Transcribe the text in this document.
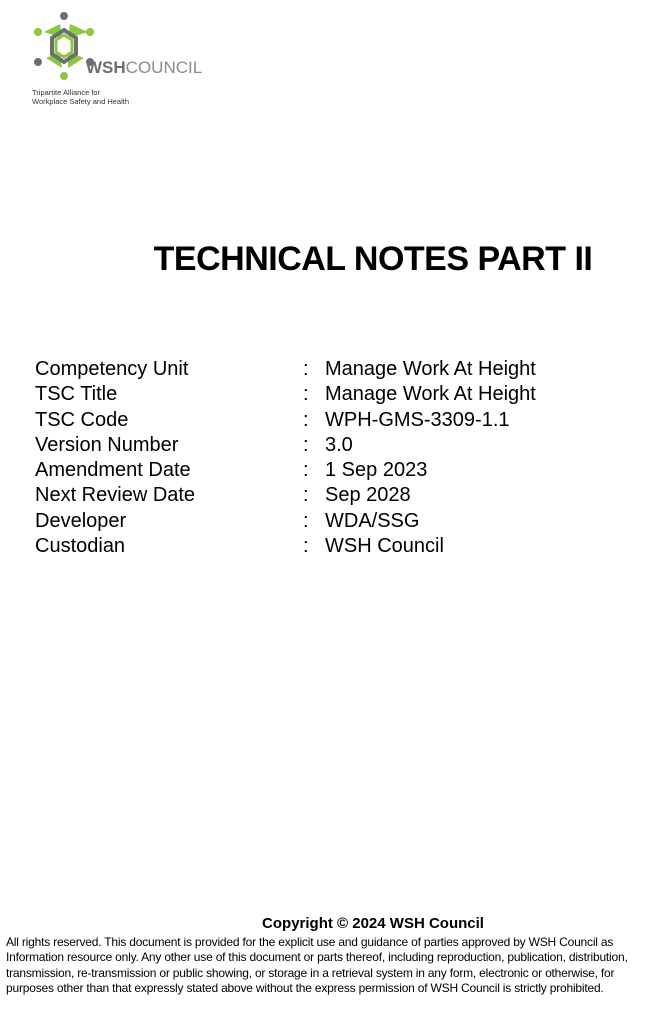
WSHCOUNCIL
Tripartite Alliance for
Workplace Safety and Health
TECHNICAL NOTES PART II
Competency Unit	: Manage Work At Height
TSC Title	: Manage Work At Height
TSC Code	: WPH-GMS-3309-1.1
Version Number	: 3.0
Amendment Date	: 1 Sep 2023
Next Review Date	: Sep 2028
Developer	: WDA/SSG
Custodian	: WSH Council
Copyright © 2024 WSH Council
All rights reserved. This document is provided for the explicit use and guidance of parties approved by WSH Council as Information resource only. Any other use of this document or parts thereof, including reproduction, publication, distribution, transmission, re-transmission or public showing, or storage in a retrieval system in any form, electronic or otherwise, for purposes other than that expressly stated above without the express permission of WSH Council is strictly prohibited.
